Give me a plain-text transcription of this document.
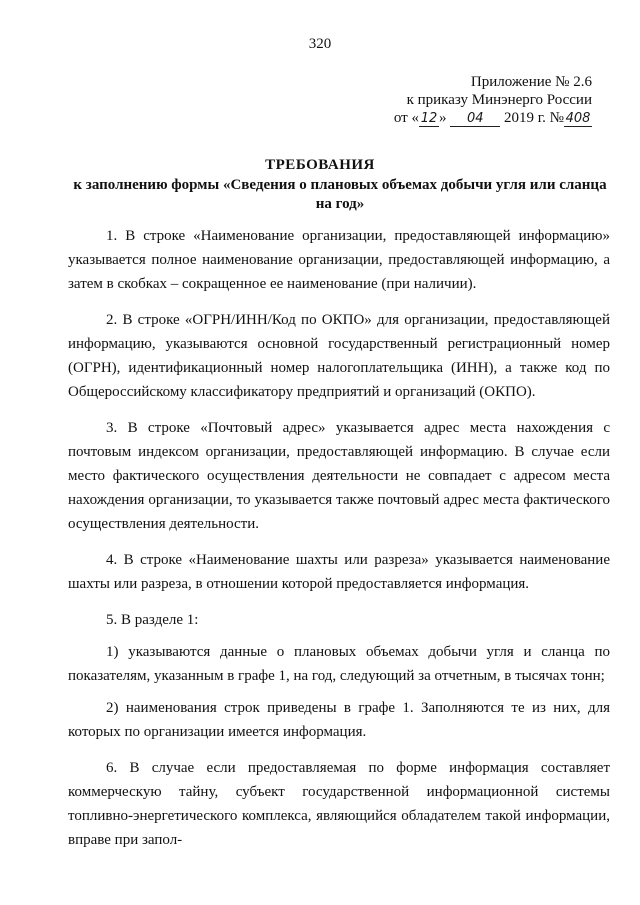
320
Приложение № 2.6
к приказу Минэнерго России
от « 12 » 04 2019 г. № 408
ТРЕБОВАНИЯ
к заполнению формы «Сведения о плановых объемах добычи угля или сланца на год»

1. В строке «Наименование организации, предоставляющей информацию» указывается полное наименование организации, предоставляющей информацию, а затем в скобках – сокращенное ее наименование (при наличии).

2. В строке «ОГРН/ИНН/Код по ОКПО» для организации, предоставляющей информацию, указываются основной государственный регистрационный номер (ОГРН), идентификационный номер налогоплательщика (ИНН), а также код по Общероссийскому классификатору предприятий и организаций (ОКПО).

3. В строке «Почтовый адрес» указывается адрес места нахождения с почтовым индексом организации, предоставляющей информацию. В случае если место фактического осуществления деятельности не совпадает с адресом места нахождения организации, то указывается также почтовый адрес места фактического осуществления деятельности.

4. В строке «Наименование шахты или разреза» указывается наименование шахты или разреза, в отношении которой предоставляется информация.

5. В разделе 1:

1) указываются данные о плановых объемах добычи угля и сланца по показателям, указанным в графе 1, на год, следующий за отчетным, в тысячах тонн;

2) наименования строк приведены в графе 1. Заполняются те из них, для которых по организации имеется информация.

6. В случае если предоставляемая по форме информация составляет коммерческую тайну, субъект государственной информационной системы топливно-энергетического комплекса, являющийся обладателем такой информации, вправе при запол-
